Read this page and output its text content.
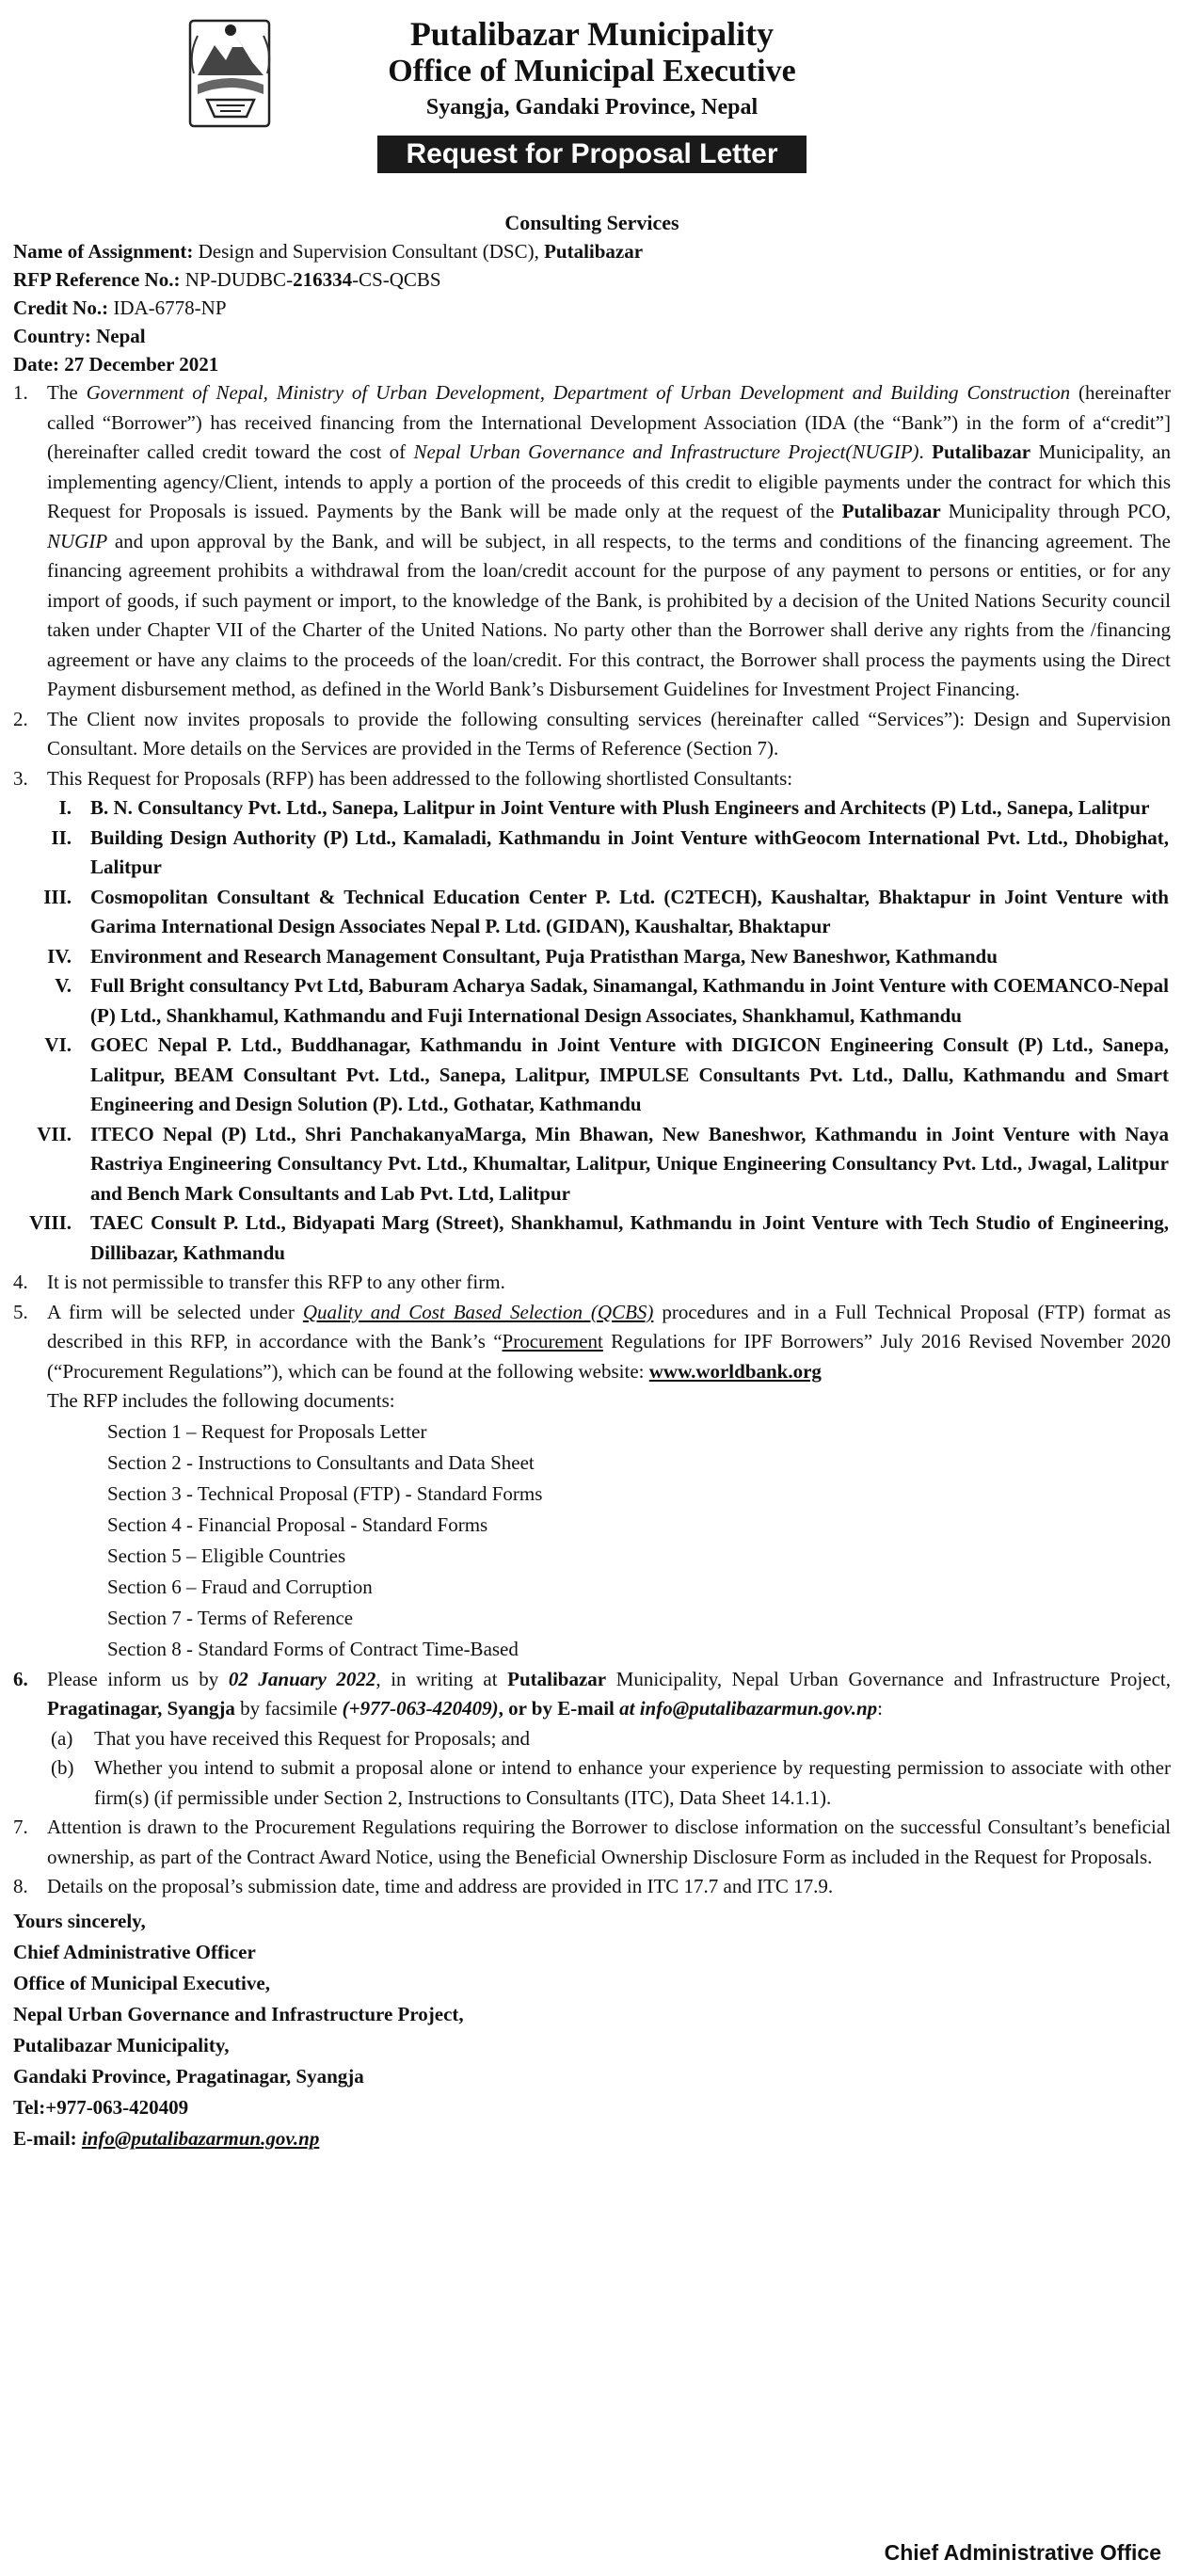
Putalibazar Municipality
Office of Municipal Executive
Syangja, Gandaki Province, Nepal
Request for Proposal Letter
Consulting Services
Name of Assignment: Design and Supervision Consultant (DSC), Putalibazar
RFP Reference No.: NP-DUDBC-216334-CS-QCBS
Credit No.: IDA-6778-NP
Country: Nepal
Date: 27 December 2021
1. The Government of Nepal, Ministry of Urban Development, Department of Urban Development and Building Construction (hereinafter called “Borrower”) has received financing from the International Development Association (IDA (the “Bank”) in the form of a“credit”] (hereinafter called credit toward the cost of Nepal Urban Governance and Infrastructure Project(NUGIP). Putalibazar Municipality, an implementing agency/Client, intends to apply a portion of the proceeds of this credit to eligible payments under the contract for which this Request for Proposals is issued. Payments by the Bank will be made only at the request of the Putalibazar Municipality through PCO, NUGIP and upon approval by the Bank, and will be subject, in all respects, to the terms and conditions of the financing agreement. The financing agreement prohibits a withdrawal from the loan/credit account for the purpose of any payment to persons or entities, or for any import of goods, if such payment or import, to the knowledge of the Bank, is prohibited by a decision of the United Nations Security council taken under Chapter VII of the Charter of the United Nations. No party other than the Borrower shall derive any rights from the /financing agreement or have any claims to the proceeds of the loan/credit. For this contract, the Borrower shall process the payments using the Direct Payment disbursement method, as defined in the World Bank’s Disbursement Guidelines for Investment Project Financing.
2. The Client now invites proposals to provide the following consulting services (hereinafter called “Services”): Design and Supervision Consultant. More details on the Services are provided in the Terms of Reference (Section 7).
3. This Request for Proposals (RFP) has been addressed to the following shortlisted Consultants:
I. B. N. Consultancy Pvt. Ltd., Sanepa, Lalitpur in Joint Venture with Plush Engineers and Architects (P) Ltd., Sanepa, Lalitpur
II. Building Design Authority (P) Ltd., Kamaladi, Kathmandu in Joint Venture withGeocom International Pvt. Ltd., Dhobighat, Lalitpur
III. Cosmopolitan Consultant & Technical Education Center P. Ltd. (C2TECH), Kaushaltar, Bhaktapur in Joint Venture with Garima International Design Associates Nepal P. Ltd. (GIDAN), Kaushaltar, Bhaktapur
IV. Environment and Research Management Consultant, Puja Pratisthan Marga, New Baneshwor, Kathmandu
V. Full Bright consultancy Pvt Ltd, Baburam Acharya Sadak, Sinamangal, Kathmandu in Joint Venture with COEMANCO-Nepal (P) Ltd., Shankhamul, Kathmandu and Fuji International Design Associates, Shankhamul, Kathmandu
VI. GOEC Nepal P. Ltd., Buddhanagar, Kathmandu in Joint Venture with DIGICON Engineering Consult (P) Ltd., Sanepa, Lalitpur, BEAM Consultant Pvt. Ltd., Sanepa, Lalitpur, IMPULSE Consultants Pvt. Ltd., Dallu, Kathmandu and Smart Engineering and Design Solution (P). Ltd., Gothatar, Kathmandu
VII. ITECO Nepal (P) Ltd., Shri PanchakanyaMarga, Min Bhawan, New Baneshwor, Kathmandu in Joint Venture with Naya Rastriya Engineering Consultancy Pvt. Ltd., Khumaltar, Lalitpur, Unique Engineering Consultancy Pvt. Ltd., Jwagal, Lalitpur and Bench Mark Consultants and Lab Pvt. Ltd, Lalitpur
VIII. TAEC Consult P. Ltd., Bidyapati Marg (Street), Shankhamul, Kathmandu in Joint Venture with Tech Studio of Engineering, Dillibazar, Kathmandu
4. It is not permissible to transfer this RFP to any other firm.
5. A firm will be selected under Quality and Cost Based Selection (QCBS) procedures and in a Full Technical Proposal (FTP) format as described in this RFP, in accordance with the Bank’s “Procurement Regulations for IPF Borrowers” July 2016 Revised November 2020 (“Procurement Regulations”), which can be found at the following website: www.worldbank.org
The RFP includes the following documents:
Section 1 – Request for Proposals Letter
Section 2 - Instructions to Consultants and Data Sheet
Section 3 - Technical Proposal (FTP) - Standard Forms
Section 4 - Financial Proposal - Standard Forms
Section 5 – Eligible Countries
Section 6 – Fraud and Corruption
Section 7 - Terms of Reference
Section 8 - Standard Forms of Contract Time-Based
6. Please inform us by 02 January 2022, in writing at Putalibazar Municipality, Nepal Urban Governance and Infrastructure Project, Pragatinagar, Syangja by facsimile (+977-063-420409), or by E-mail at info@putalibazarmun.gov.np:
(a)	That you have received this Request for Proposals; and
(b)	Whether you intend to submit a proposal alone or intend to enhance your experience by requesting permission to associate with other firm(s) (if permissible under Section 2, Instructions to Consultants (ITC), Data Sheet 14.1.1).
7. Attention is drawn to the Procurement Regulations requiring the Borrower to disclose information on the successful Consultant’s beneficial ownership, as part of the Contract Award Notice, using the Beneficial Ownership Disclosure Form as included in the Request for Proposals.
8. Details on the proposal’s submission date, time and address are provided in ITC 17.7 and ITC 17.9.
Yours sincerely,
Chief Administrative Officer
Office of Municipal Executive,
Nepal Urban Governance and Infrastructure Project,
Putalibazar Municipality,
Gandaki Province, Pragatinagar, Syangja
Tel:+977-063-420409
E-mail: info@putalibazarmun.gov.np
Chief Administrative Office
